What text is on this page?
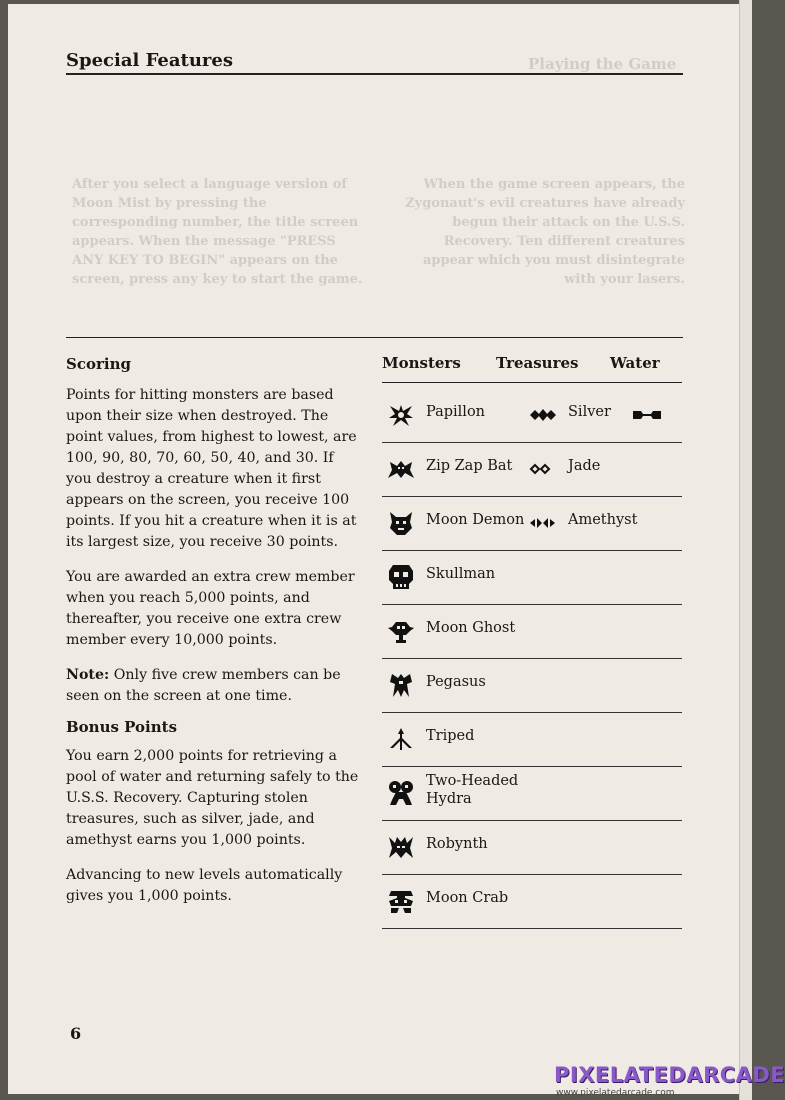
Special Features	Playing the Game
After you select a language version of Moon Mist by pressing the corresponding number, the title screen appears. When the message "PRESS ANY KEY TO BEGIN" appears on the screen, press any key to start the game.
When the game screen appears, the Zygonaut's evil creatures have already begun their attack on the U.S.S. Recovery. Ten different creatures appear which you must disintegrate with your lasers.
Scoring

Points for hitting monsters are based upon their size when destroyed. The point values, from highest to lowest, are 100, 90, 80, 70, 60, 50, 40, and 30. If you destroy a creature when it first appears on the screen, you receive 100 points. If you hit a creature when it is at its largest size, you receive 30 points.

You are awarded an extra crew member when you reach 5,000 points, and thereafter, you receive one extra crew member every 10,000 points.

Note: Only five crew members can be seen on the screen at one time.

Bonus Points

You earn 2,000 points for retrieving a pool of water and returning safely to the U.S.S. Recovery. Capturing stolen treasures, such as silver, jade, and amethyst earns you 1,000 points.

Advancing to new levels automatically gives you 1,000 points.

Monsters Treasures Water
Papillon	Silver
Zip Zap Bat	Jade
Moon Demon	Amethyst
Skullman
Moon Ghost
Pegasus
Triped
Two-Headed
Hydra
Robynth
Moon Crab
6
PIXELATEDARCADE
www.pixelatedarcade.com
